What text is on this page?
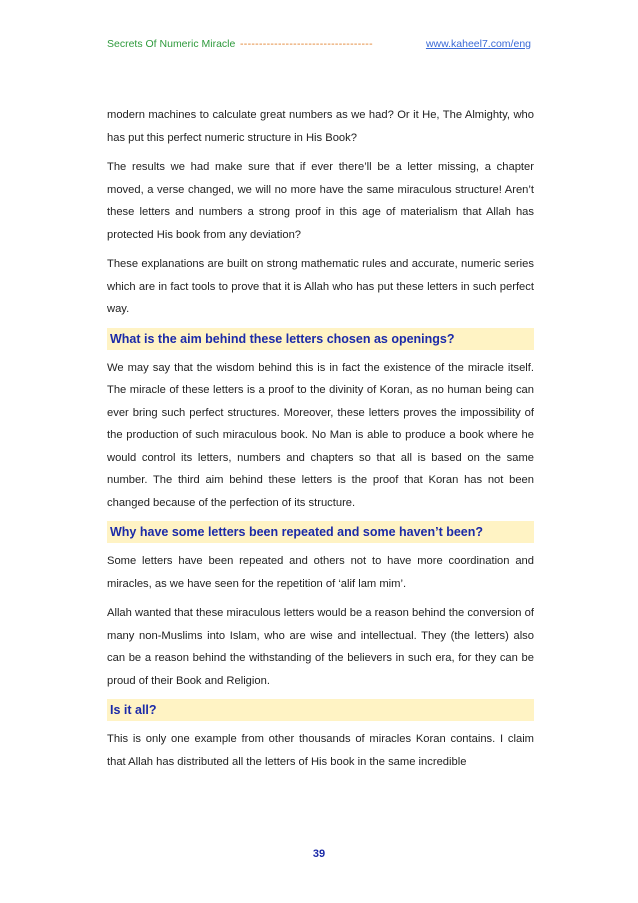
Secrets Of Numeric Miracle -----------------------------------	www.kaheel7.com/eng

modern machines to calculate great numbers as we had? Or it He, The Almighty, who has put this perfect numeric structure in His Book?

The results we had make sure that if ever there’ll be a letter missing, a chapter moved, a verse changed, we will no more have the same miraculous structure! Aren’t these letters and numbers a strong proof in this age of materialism that Allah has protected His book from any deviation?

These explanations are built on strong mathematic rules and accurate, numeric series which are in fact tools to prove that it is Allah who has put these letters in such perfect way.

What is the aim behind these letters chosen as openings?

We may say that the wisdom behind this is in fact the existence of the miracle itself. The miracle of these letters is a proof to the divinity of Koran, as no human being can ever bring such perfect structures. Moreover, these letters proves the impossibility of the production of such miraculous book. No Man is able to produce a book where he would control its letters, numbers and chapters so that all is based on the same number. The third aim behind these letters is the proof that Koran has not been changed because of the perfection of its structure.

Why have some letters been repeated and some haven’t been?

Some letters have been repeated and others not to have more coordination and miracles, as we have seen for the repetition of ‘alif lam mim’.

Allah wanted that these miraculous letters would be a reason behind the conversion of many non-Muslims into Islam, who are wise and intellectual. They (the letters) also can be a reason behind the withstanding of the believers in such era, for they can be proud of their Book and Religion.

Is it all?

This is only one example from other thousands of miracles Koran contains. I claim that Allah has distributed all the letters of His book in the same incredible

39
